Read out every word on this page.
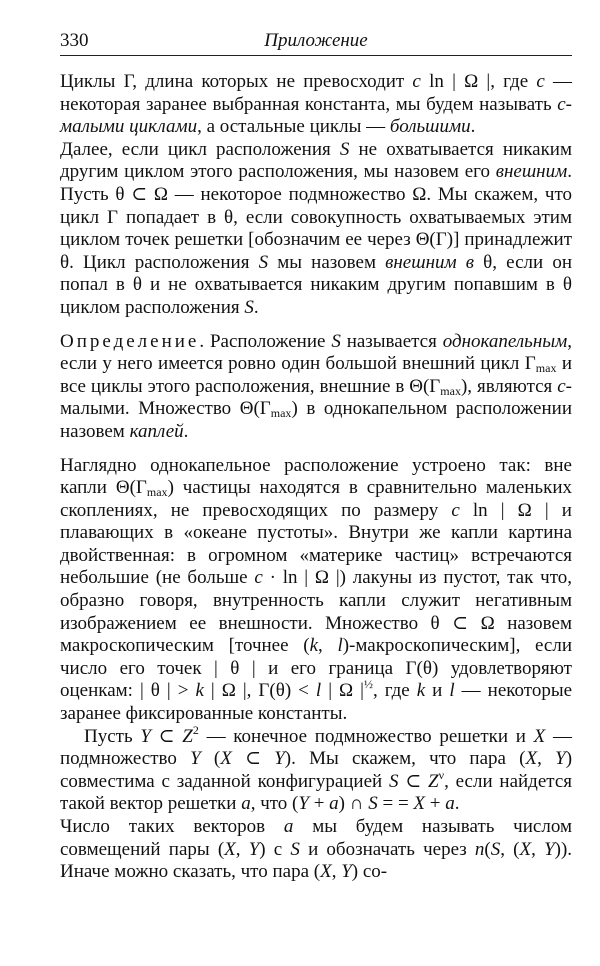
330	Приложение

Циклы Γ, длина которых не превосходит c ln | Ω |, где c — некоторая заранее выбранная константа, мы будем называть с-малыми циклами, а остальные циклы — большими.

Далее, если цикл расположения S не охватывается никаким другим циклом этого расположения, мы назовем его внешним. Пусть θ ⊂ Ω — некоторое подмножество Ω. Мы скажем, что цикл Γ попадает в θ, если совокупность охватываемых этим циклом точек решетки [обозначим ее через Θ(Γ)] принадлежит θ. Цикл расположения S мы назовем внешним в θ, если он попал в θ и не охватывается никаким другим попавшим в θ циклом расположения S.

Определение. Расположение S называется однокапельным, если у него имеется ровно один большой внешний цикл $\Gamma_{max}$ и все циклы этого расположения, внешние в $\Theta(\Gamma_{max})$, являются c-малыми. Множество $\Theta(\Gamma_{max})$ в однокапельном расположении назовем каплей.

Наглядно однокапельное расположение устроено так: вне капли $\Theta(\Gamma_{max})$ частицы находятся в сравнительно маленьких скоплениях, не превосходящих по размеру c ln | Ω | и плавающих в «океане пустоты». Внутри же капли картина двойственная: в огромном «материке частиц» встречаются небольшие (не больше c · ln | Ω |) лакуны из пустот, так что, образно говоря, внутренность капли служит негативным изображением ее внешности. Множество θ ⊂ Ω назовем макроскопическим [точнее (k, l)-макроскопическим], если число его точек | θ | и его граница Γ(θ) удовлетворяют оценкам: | θ | > k | Ω |, Γ(θ) < l | Ω $|^{\frac{1}{2}}$, где k и l — некоторые заранее фиксированные константы.

Пусть Y ⊂ $Z^2$ — конечное подмножество решетки и X — подмножество Y (X ⊂ Y). Мы скажем, что пара (X, Y) совместима с заданной конфигурацией S ⊂ $Z^\nu$, если найдется такой вектор решетки a, что (Y + a) ∩ S = = X + a.

Число таких векторов a мы будем называть числом совмещений пары (X, Y) с S и обозначать через n(S, (X, Y)). Иначе можно сказать, что пара (X, Y) со-
